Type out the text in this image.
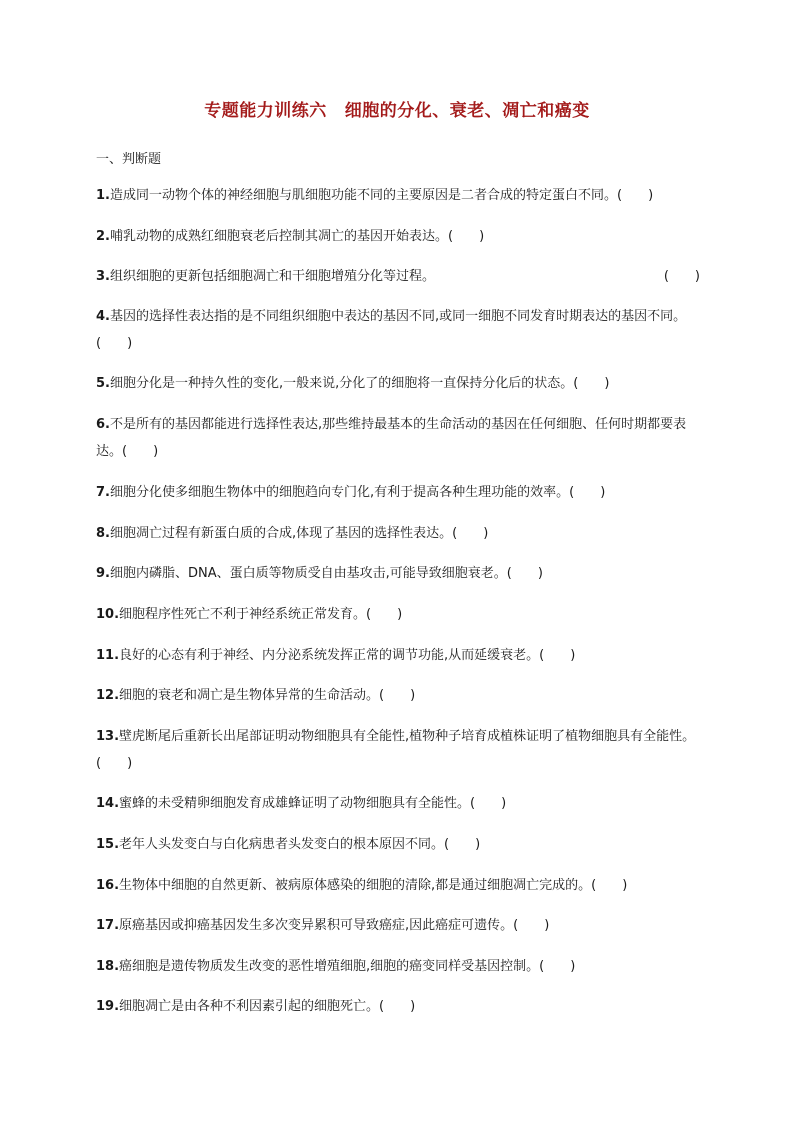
专题能力训练六 细胞的分化、衰老、凋亡和癌变
一、判断题
1.造成同一动物个体的神经细胞与肌细胞功能不同的主要原因是二者合成的特定蛋白不同。(　　)
2.哺乳动物的成熟红细胞衰老后控制其凋亡的基因开始表达。(　　)
3.组织细胞的更新包括细胞凋亡和干细胞增殖分化等过程。	(　　)
4.基因的选择性表达指的是不同组织细胞中表达的基因不同,或同一细胞不同发育时期表达的基因不同。(　　)
5.细胞分化是一种持久性的变化,一般来说,分化了的细胞将一直保持分化后的状态。(　　)
6.不是所有的基因都能进行选择性表达,那些维持最基本的生命活动的基因在任何细胞、任何时期都要表达。(　　)
7.细胞分化使多细胞生物体中的细胞趋向专门化,有利于提高各种生理功能的效率。(　　)
8.细胞凋亡过程有新蛋白质的合成,体现了基因的选择性表达。(　　)
9.细胞内磷脂、DNA、蛋白质等物质受自由基攻击,可能导致细胞衰老。(　　)
10.细胞程序性死亡不利于神经系统正常发育。(　　)
11.良好的心态有利于神经、内分泌系统发挥正常的调节功能,从而延缓衰老。(　　)
12.细胞的衰老和凋亡是生物体异常的生命活动。(　　)
13.壁虎断尾后重新长出尾部证明动物细胞具有全能性,植物种子培育成植株证明了植物细胞具有全能性。(　　)
14.蜜蜂的未受精卵细胞发育成雄蜂证明了动物细胞具有全能性。(　　)
15.老年人头发变白与白化病患者头发变白的根本原因不同。(　　)
16.生物体中细胞的自然更新、被病原体感染的细胞的清除,都是通过细胞凋亡完成的。(　　)
17.原癌基因或抑癌基因发生多次变异累积可导致癌症,因此癌症可遗传。(　　)
18.癌细胞是遗传物质发生改变的恶性增殖细胞,细胞的癌变同样受基因控制。(　　)
19.细胞凋亡是由各种不利因素引起的细胞死亡。(　　)
